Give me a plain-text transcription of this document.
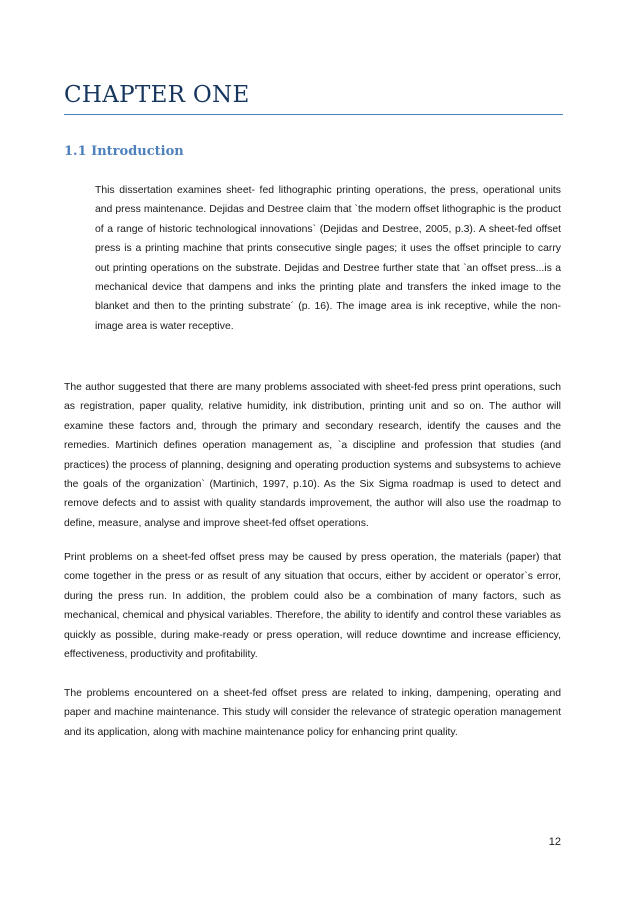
CHAPTER ONE
1.1 Introduction

This dissertation examines sheet- fed lithographic printing operations, the press, operational units and press maintenance. Dejidas and Destree claim that `the modern offset lithographic is the product of a range of historic technological innovations` (Dejidas and Destree, 2005, p.3). A sheet-fed offset press is a printing machine that prints consecutive single pages; it uses the offset principle to carry out printing operations on the substrate. Dejidas and Destree further state that `an offset press...is a mechanical device that dampens and inks the printing plate and transfers the inked image to the blanket and then to the printing substrate´ (p. 16). The image area is ink receptive, while the non-image area is water receptive.

The author suggested that there are many problems associated with sheet-fed press print operations, such as registration, paper quality, relative humidity, ink distribution, printing unit and so on. The author will examine these factors and, through the primary and secondary research, identify the causes and the remedies. Martinich defines operation management as, `a discipline and profession that studies (and practices) the process of planning, designing and operating production systems and subsystems to achieve the goals of the organization` (Martinich, 1997, p.10). As the Six Sigma roadmap is used to detect and remove defects and to assist with quality standards improvement, the author will also use the roadmap to define, measure, analyse and improve sheet-fed offset operations.

Print problems on a sheet-fed offset press may be caused by press operation, the materials (paper) that come together in the press or as result of any situation that occurs, either by accident or operator`s error, during the press run. In addition, the problem could also be a combination of many factors, such as mechanical, chemical and physical variables. Therefore, the ability to identify and control these variables as quickly as possible, during make-ready or press operation, will reduce downtime and increase efficiency, effectiveness, productivity and profitability.

The problems encountered on a sheet-fed offset press are related to inking, dampening, operating and paper and machine maintenance. This study will consider the relevance of strategic operation management and its application, along with machine maintenance policy for enhancing print quality.

12
